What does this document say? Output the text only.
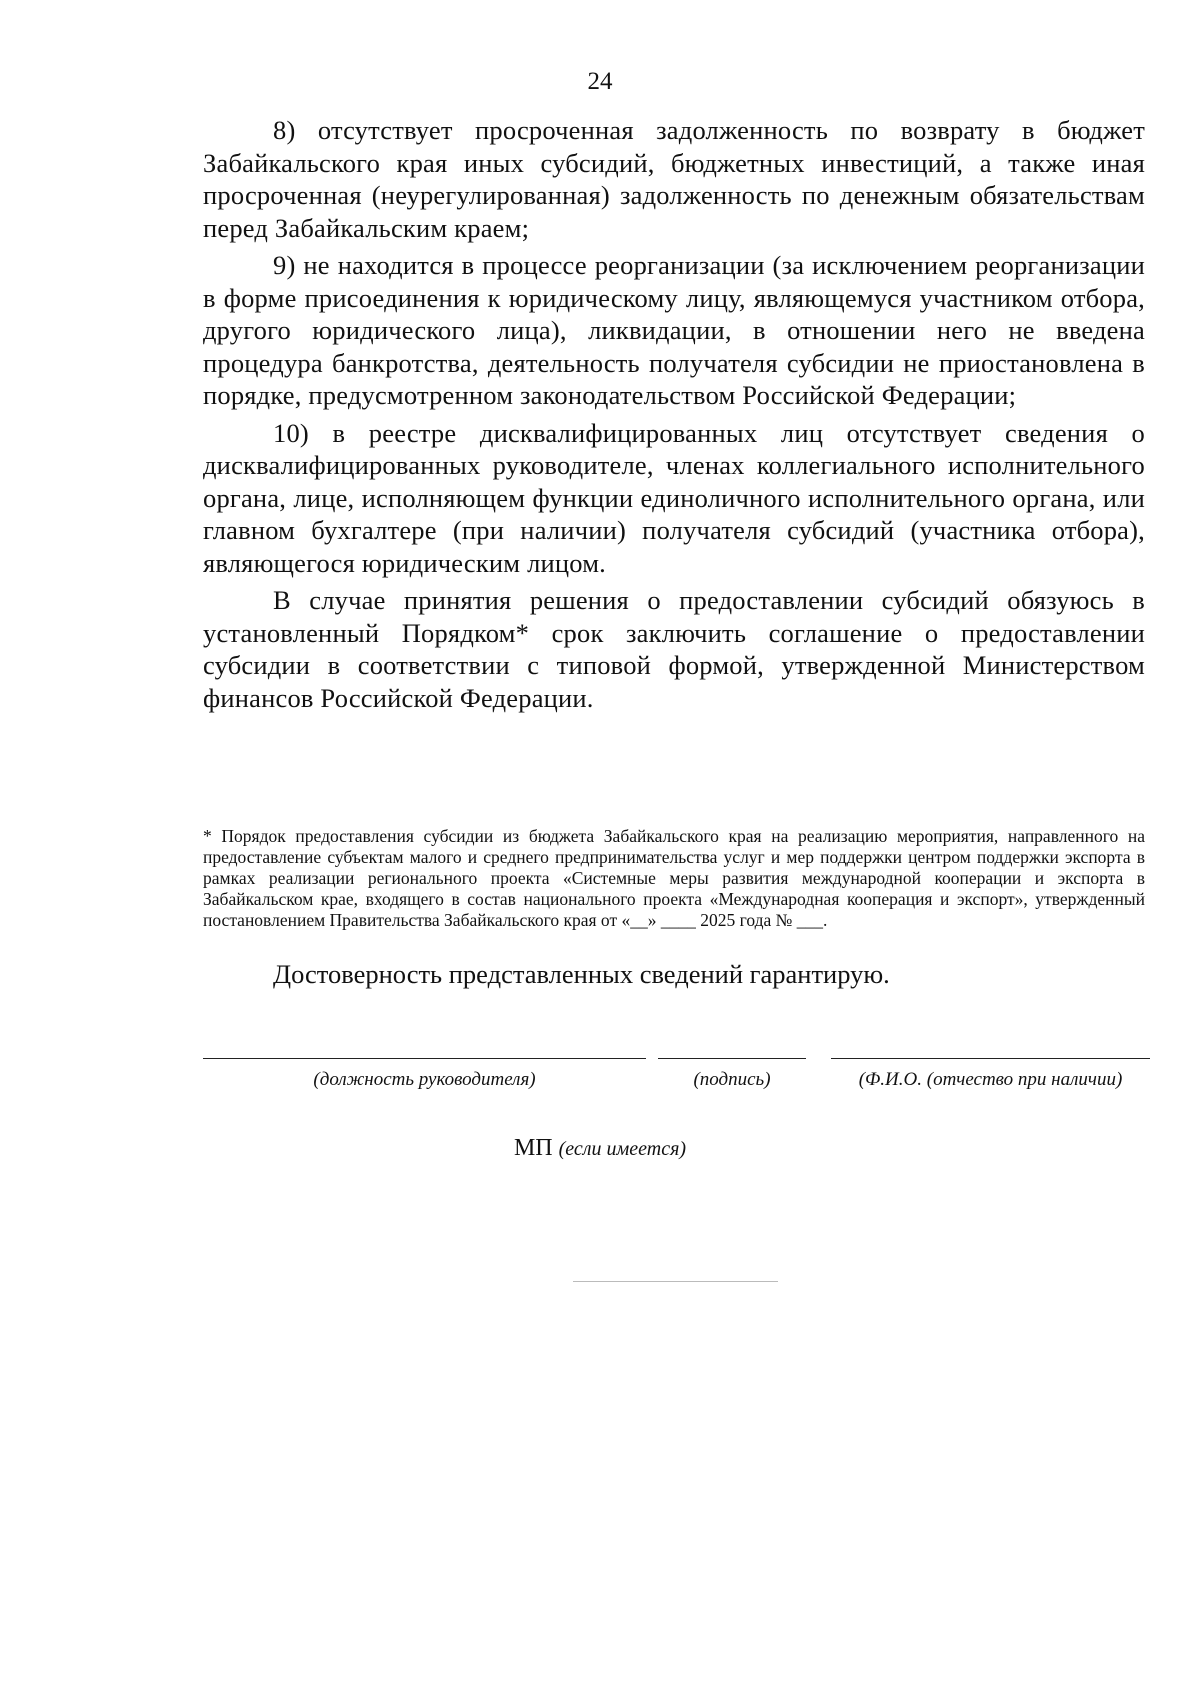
24

8) отсутствует просроченная задолженность по возврату в бюджет Забайкальского края иных субсидий, бюджетных инвестиций, а также иная просроченная (неурегулированная) задолженность по денежным обязательствам перед Забайкальским краем;

9) не находится в процессе реорганизации (за исключением реорганизации в форме присоединения к юридическому лицу, являющемуся участником отбора, другого юридического лица), ликвидации, в отношении него не введена процедура банкротства, деятельность получателя субсидии не приостановлена в порядке, предусмотренном законодательством Российской Федерации;

10) в реестре дисквалифицированных лиц отсутствует сведения о дисквалифицированных руководителе, членах коллегиального исполнительного органа, лице, исполняющем функции единоличного исполнительного органа, или главном бухгалтере (при наличии) получателя субсидий (участника отбора), являющегося юридическим лицом.

В случае принятия решения о предоставлении субсидий обязуюсь в установленный Порядком* срок заключить соглашение о предоставлении субсидии в соответствии с типовой формой, утвержденной Министерством финансов Российской Федерации.

* Порядок предоставления субсидии из бюджета Забайкальского края на реализацию мероприятия, направленного на предоставление субъектам малого и среднего предпринимательства услуг и мер поддержки центром поддержки экспорта в рамках реализации регионального проекта «Системные меры развития международной кооперации и экспорта в Забайкальском крае, входящего в состав национального проекта «Международная кооперация и экспорт», утвержденный постановлением Правительства Забайкальского края от «__» ____ 2025 года № ___.

Достоверность представленных сведений гарантирую.

(должность руководителя)	(подпись)	(Ф.И.О. (отчество при наличии)
МП (если имеется)
